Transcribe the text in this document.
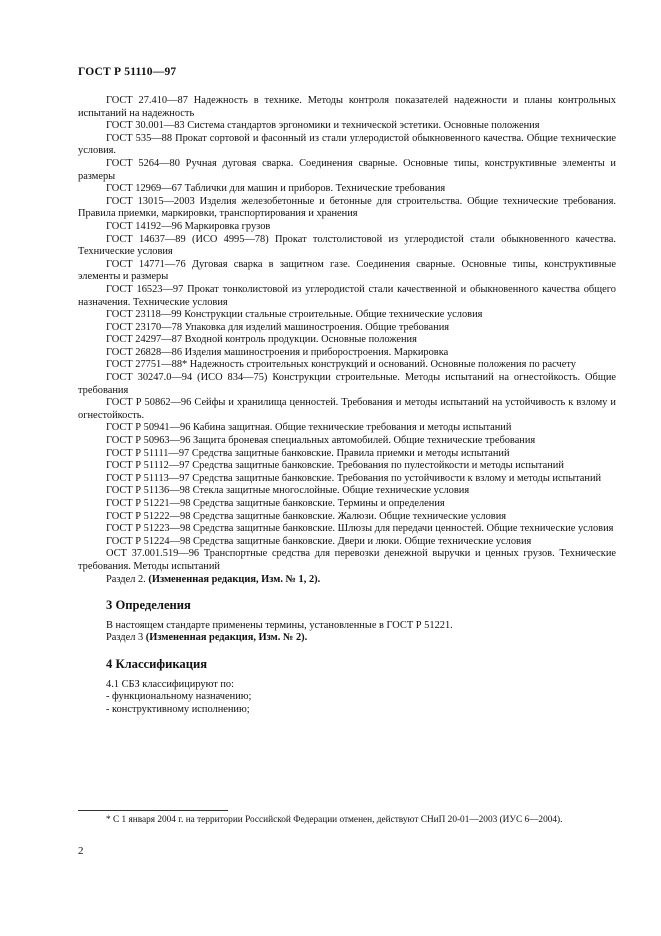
ГОСТ Р 51110—97

ГОСТ 27.410—87 Надежность в технике. Методы контроля показателей надежности и планы контрольных испытаний на надежность

ГОСТ 30.001—83 Система стандартов эргономики и технической эстетики. Основные положения

ГОСТ 535—88 Прокат сортовой и фасонный из стали углеродистой обыкновенного качества. Общие технические условия.

ГОСТ 5264—80 Ручная дуговая сварка. Соединения сварные. Основные типы, конструктивные элементы и размеры

ГОСТ 12969—67 Таблички для машин и приборов. Технические требования

ГОСТ 13015—2003 Изделия железобетонные и бетонные для строительства. Общие технические требования. Правила приемки, маркировки, транспортирования и хранения

ГОСТ 14192—96 Маркировка грузов

ГОСТ 14637—89 (ИСО 4995—78) Прокат толстолистовой из углеродистой стали обыкновенного качества. Технические условия

ГОСТ 14771—76 Дуговая сварка в защитном газе. Соединения сварные. Основные типы, конструктивные элементы и размеры

ГОСТ 16523—97 Прокат тонколистовой из углеродистой стали качественной и обыкновенного качества общего назначения. Технические условия

ГОСТ 23118—99 Конструкции стальные строительные. Общие технические условия

ГОСТ 23170—78 Упаковка для изделий машиностроения. Общие требования

ГОСТ 24297—87 Входной контроль продукции. Основные положения

ГОСТ 26828—86 Изделия машиностроения и приборостроения. Маркировка

ГОСТ 27751—88* Надежность строительных конструкций и оснований. Основные положения по расчету

ГОСТ 30247.0—94 (ИСО 834—75) Конструкции строительные. Методы испытаний на огнестойкость. Общие требования

ГОСТ Р 50862—96 Сейфы и хранилища ценностей. Требования и методы испытаний на устойчивость к взлому и огнестойкость.

ГОСТ Р 50941—96 Кабина защитная. Общие технические требования и методы испытаний

ГОСТ Р 50963—96 Защита броневая специальных автомобилей. Общие технические требования

ГОСТ Р 51111—97 Средства защитные банковские. Правила приемки и методы испытаний

ГОСТ Р 51112—97 Средства защитные банковские. Требования по пулестойкости и методы испытаний

ГОСТ Р 51113—97 Средства защитные банковские. Требования по устойчивости к взлому и методы испытаний

ГОСТ Р 51136—98 Стекла защитные многослойные. Общие технические условия

ГОСТ Р 51221—98 Средства защитные банковские. Термины и определения

ГОСТ Р 51222—98 Средства защитные банковские. Жалюзи. Общие технические условия

ГОСТ Р 51223—98 Средства защитные банковские. Шлюзы для передачи ценностей. Общие технические условия

ГОСТ Р 51224—98 Средства защитные банковские. Двери и люки. Общие технические условия

ОСТ 37.001.519—96 Транспортные средства для перевозки денежной выручки и ценных грузов. Технические требования. Методы испытаний

Раздел 2. (Измененная редакция, Изм. № 1, 2).

3 Определения

В настоящем стандарте применены термины, установленные в ГОСТ Р 51221.

Раздел 3 (Измененная редакция, Изм. № 2).

4 Классификация

4.1 СБЗ классифицируют по:

- функциональному назначению;

- конструктивному исполнению;

* С 1 января 2004 г. на территории Российской Федерации отменен, действуют СНиП 20-01—2003 (ИУС 6—2004).

2
